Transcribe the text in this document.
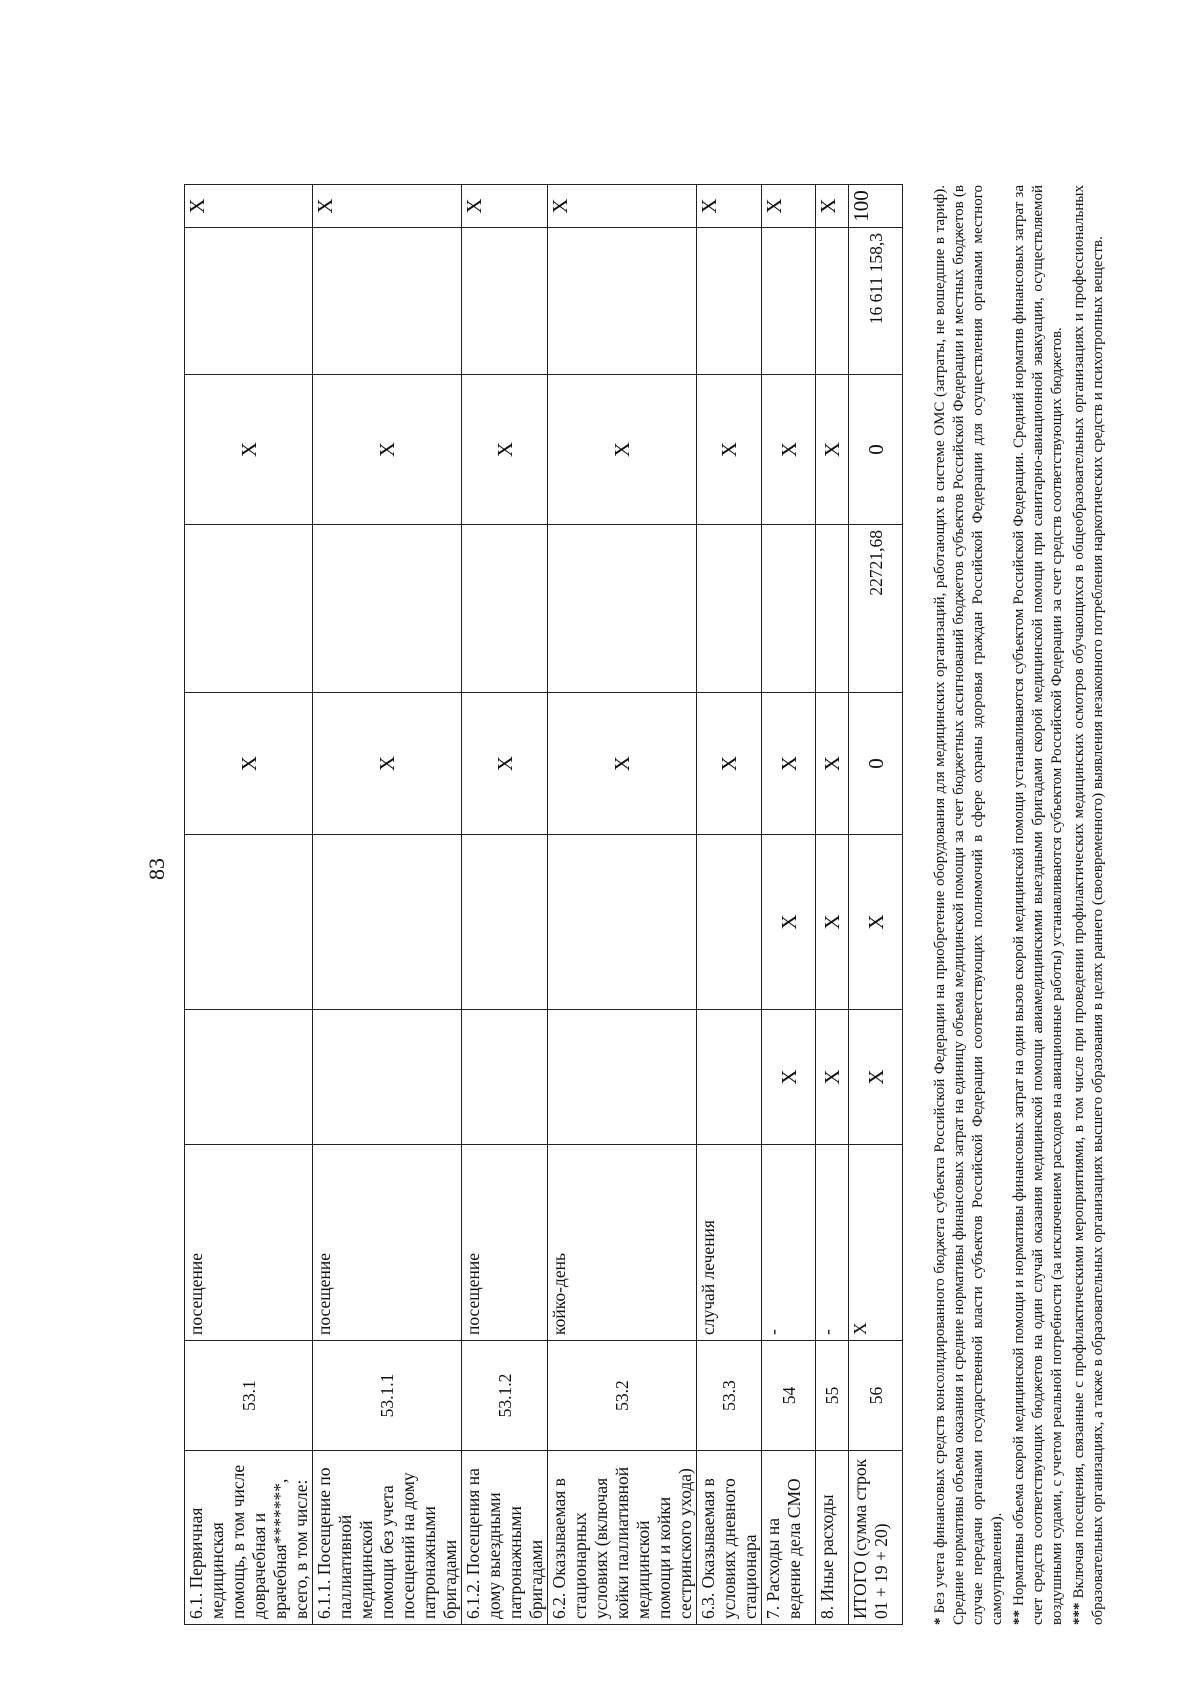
83
6.1. Первичная медицинская помощь, в том числе доврачебная и врачебная*******, всего, в том числе:	53.1	посещение			X		X		X
6.1.1. Посещение по паллиативной медицинской помощи без учета посещений на дому патронажными бригадами	53.1.1	посещение			X		X		X
6.1.2. Посещения на дому выездными патронажными бригадами	53.1.2	посещение			X		X		X
6.2. Оказываемая в стационарных условиях (включая койки паллиативной медицинской помощи и койки сестринского ухода)	53.2	койко-день			X		X		X
6.3. Оказываемая в условиях дневного стационара	53.3	случай лечения			X		X		X
7. Расходы на ведение дела СМО	54	-	X	X	X		X		X
8. Иные расходы	55	-	X	X	X		X		X
ИТОГО (сумма строк 01 + 19 + 20)	56	X	X	X	0	22721,68	0	16 611 158,3	100

*Без учета финансовых средств консолидированного бюджета субъекта Российской Федерации на приобретение оборудования для медицинских организаций, работающих в системе ОМС (затраты, не вошедшие в тариф). Средние нормативы объема оказания и средние нормативы финансовых затрат на единицу объема медицинской помощи за счет бюджетных ассигнований бюджетов субъектов Российской Федерации и местных бюджетов (в случае передачи органами государственной власти субъектов Российской Федерации соответствующих полномочий в сфере охраны здоровья граждан Российской Федерации для осуществления органами местного самоуправления). **Нормативы объема скорой медицинской помощи и нормативы финансовых затрат на один вызов скорой медицинской помощи устанавливаются субъектом Российской Федерации. Средний норматив финансовых затрат за счет средств соответствующих бюджетов на один случай оказания медицинской помощи авиамедицинскими выездными бригадами скорой медицинской помощи при санитарно-авиационной эвакуации, осуществляемой воздушными судами, с учетом реальной потребности (за исключением расходов на авиационные работы) устанавливаются субъектом Российской Федерации за счет средств соответствующих бюджетов. ***Включая посещения, связанные с профилактическими мероприятиями, в том числе при проведении профилактических медицинских осмотров обучающихся в общеобразовательных организациях и профессиональных образовательных организациях, а также в образовательных организациях высшего образования в целях раннего (своевременного) выявления незаконного потребления наркотических средств и психотропных веществ.
